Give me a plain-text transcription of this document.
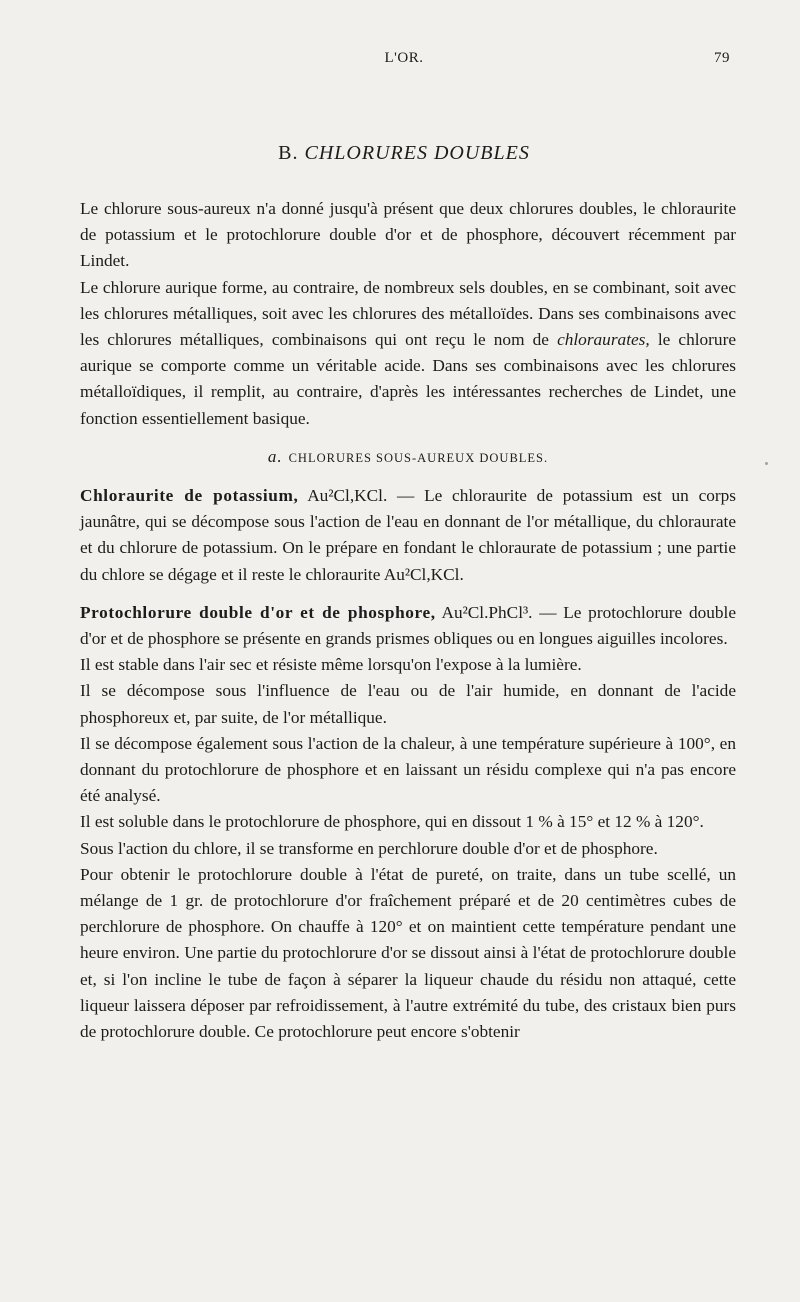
L'OR.	79
B. CHLORURES DOUBLES

Le chlorure sous-aureux n'a donné jusqu'à présent que deux chlorures doubles, le chloraurite de potassium et le protochlorure double d'or et de phosphore, découvert récemment par Lindet.

Le chlorure aurique forme, au contraire, de nombreux sels doubles, en se combinant, soit avec les chlorures métalliques, soit avec les chlorures des métalloïdes. Dans ses combinaisons avec les chlorures métalliques, combinaisons qui ont reçu le nom de chloraurates, le chlorure aurique se comporte comme un véritable acide. Dans ses combinaisons avec les chlorures métalloïdiques, il remplit, au contraire, d'après les intéressantes recherches de Lindet, une fonction essentiellement basique.

a. CHLORURES SOUS-AUREUX DOUBLES.

Chloraurite de potassium, Au²Cl,KCl. — Le chloraurite de potassium est un corps jaunâtre, qui se décompose sous l'action de l'eau en donnant de l'or métallique, du chloraurate et du chlorure de potassium. On le prépare en fondant le chloraurate de potassium ; une partie du chlore se dégage et il reste le chloraurite Au²Cl,KCl.

Protochlorure double d'or et de phosphore, Au²Cl.PhCl³. — Le protochlorure double d'or et de phosphore se présente en grands prismes obliques ou en longues aiguilles incolores.

Il est stable dans l'air sec et résiste même lorsqu'on l'expose à la lumière.

Il se décompose sous l'influence de l'eau ou de l'air humide, en donnant de l'acide phosphoreux et, par suite, de l'or métallique.

Il se décompose également sous l'action de la chaleur, à une température supérieure à 100°, en donnant du protochlorure de phosphore et en laissant un résidu complexe qui n'a pas encore été analysé.

Il est soluble dans le protochlorure de phosphore, qui en dissout 1 % à 15° et 12 % à 120°.

Sous l'action du chlore, il se transforme en perchlorure double d'or et de phosphore.

Pour obtenir le protochlorure double à l'état de pureté, on traite, dans un tube scellé, un mélange de 1 gr. de protochlorure d'or fraîchement préparé et de 20 centimètres cubes de perchlorure de phosphore. On chauffe à 120° et on maintient cette température pendant une heure environ. Une partie du protochlorure d'or se dissout ainsi à l'état de protochlorure double et, si l'on incline le tube de façon à séparer la liqueur chaude du résidu non attaqué, cette liqueur laissera déposer par refroidissement, à l'autre extrémité du tube, des cristaux bien purs de protochlorure double. Ce protochlorure peut encore s'obtenir
